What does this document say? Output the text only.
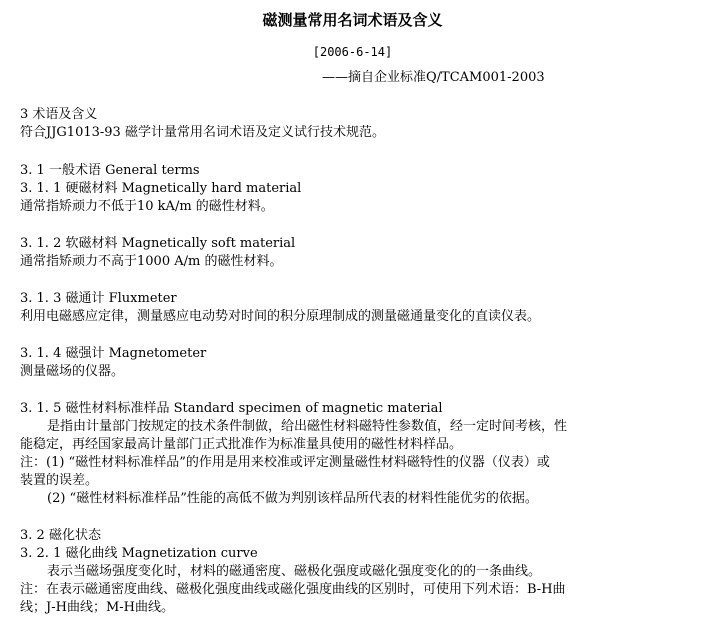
磁测量常用名词术语及含义
[2006-6-14]
——摘自企业标准Q/TCAM001-2003
3 术语及含义
符合JJG1013-93 磁学计量常用名词术语及定义试行技术规范。
3. 1 一般术语 General terms
3. 1. 1 硬磁材料 Magnetically hard material
通常指矫顽力不低于10 kA/m 的磁性材料。
3. 1. 2 软磁材料 Magnetically soft material
通常指矫顽力不高于1000 A/m 的磁性材料。
3. 1. 3 磁通计 Fluxmeter
利用电磁感应定律，测量感应电动势对时间的积分原理制成的测量磁通量变化的直读仪表。
3. 1. 4 磁强计 Magnetometer
测量磁场的仪器。
3. 1. 5 磁性材料标准样品 Standard specimen of magnetic material
是指由计量部门按规定的技术条件制做，给出磁性材料磁特性参数值，经一定时间考核，性
能稳定，再经国家最高计量部门正式批准作为标准量具使用的磁性材料样品。
注：(1) “磁性材料标准样品”的作用是用来校准或评定测量磁性材料磁特性的仪器（仪表）或
装置的误差。
(2) “磁性材料标准样品”性能的高低不做为判别该样品所代表的材料性能优劣的依据。
3. 2 磁化状态
3. 2. 1 磁化曲线 Magnetization curve
表示当磁场强度变化时，材料的磁通密度、磁极化强度或磁化强度变化的的一条曲线。
注：在表示磁通密度曲线、磁极化强度曲线或磁化强度曲线的区别时，可使用下列术语：B-H曲
线；J-H曲线；M-H曲线。
